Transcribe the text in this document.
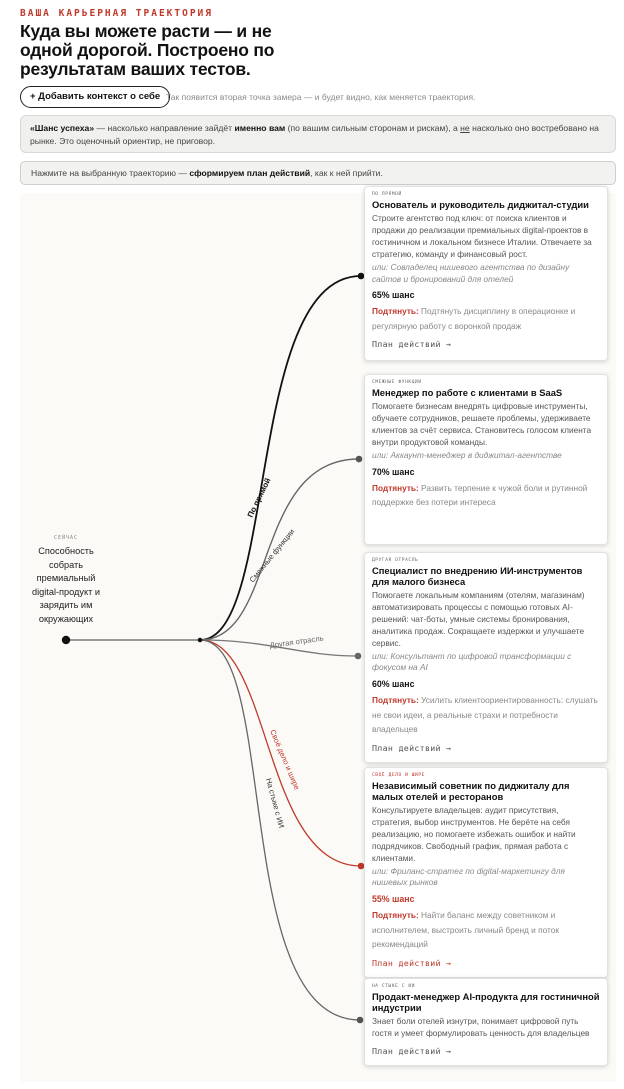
ВАША КАРЬЕРНАЯ ТРАЕКТОРИЯ
Куда вы можете расти — и не одной дорогой. Построено по результатам ваших тестов.
+ Добавить контекст о себе Так появится вторая точка замера — и будет видно, как меняется траектория.
«Шанс успеха» — насколько направление зайдёт именно вам (по вашим сильным сторонам и рискам), а не насколько оно востребовано на рынке. Это оценочный ориентир, не приговор.
Нажмите на выбранную траекторию — сформируем план действий, как к ней прийти.
По прямой
Смежные функции
Другая отрасль
Своё дело и шире
На стыке с ИИ
СЕЙЧАС
Способность собрать премиальный digital-продукт и зарядить им окружающих
ПО ПРЯМОЙ
Основатель и руководитель диджитал-студии
Строите агентство под ключ: от поиска клиентов и продажи до реализации премиальных digital-проектов в гостиничном и локальном бизнесе Италии. Отвечаете за стратегию, команду и финансовый рост.
или: Совладелец нишевого агентства по дизайну сайтов и бронирований для отелей
65% шанс
Подтянуть: Подтянуть дисциплину в операционке и регулярную работу с воронкой продаж
План действий →
СМЕЖНЫЕ ФУНКЦИИ
Менеджер по работе с клиентами в SaaS
Помогаете бизнесам внедрять цифровые инструменты, обучаете сотрудников, решаете проблемы, удерживаете клиентов за счёт сервиса. Становитесь голосом клиента внутри продуктовой команды.
или: Аккаунт-менеджер в диджитал-агентстве
70% шанс
Подтянуть: Развить терпение к чужой боли и рутинной поддержке без потери интереса
ДРУГАЯ ОТРАСЛЬ
Специалист по внедрению ИИ-инструментов для малого бизнеса
Помогаете локальным компаниям (отелям, магазинам) автоматизировать процессы с помощью готовых AI-решений: чат-боты, умные системы бронирования, аналитика продаж. Сокращаете издержки и улучшаете сервис.
или: Консультант по цифровой трансформации с фокусом на AI
60% шанс
Подтянуть: Усилить клиентоориентированность: слушать не свои идеи, а реальные страхи и потребности владельцев
План действий →
СВОЁ ДЕЛО И ШИРЕ
Независимый советник по диджиталу для малых отелей и ресторанов
Консультируете владельцев: аудит присутствия, стратегия, выбор инструментов. Не берёте на себя реализацию, но помогаете избежать ошибок и найти подрядчиков. Свободный график, прямая работа с клиентами.
или: Фриланс-стратег по digital-маркетингу для нишевых рынков
55% шанс
Подтянуть: Найти баланс между советником и исполнителем, выстроить личный бренд и поток рекомендаций
План действий →
НА СТЫКЕ С ИИ
Продакт-менеджер AI-продукта для гостиничной индустрии
Знает боли отелей изнутри, понимает цифровой путь гостя и умеет формулировать ценность для владельцев
План действий →
